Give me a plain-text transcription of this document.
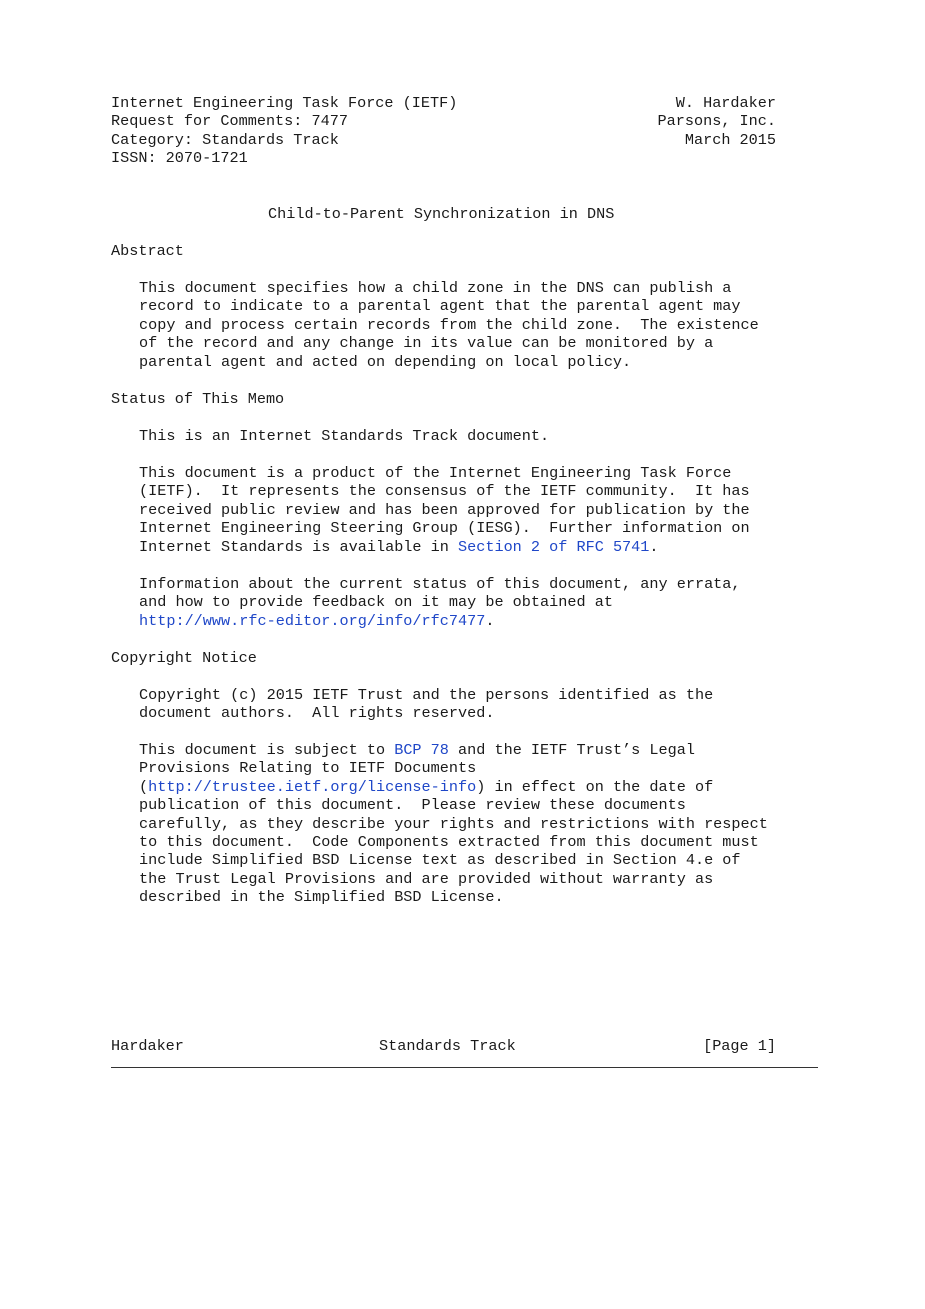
Internet Engineering Task Force (IETF)
Request for Comments: 7477
Category: Standards Track
ISSN: 2070-1721
W. Hardaker
Parsons, Inc.
March 2015
Child-to-Parent Synchronization in DNS
Abstract
This document specifies how a child zone in the DNS can publish a
record to indicate to a parental agent that the parental agent may
copy and process certain records from the child zone.  The existence
of the record and any change in its value can be monitored by a
parental agent and acted on depending on local policy.
Status of This Memo
This is an Internet Standards Track document.
This document is a product of the Internet Engineering Task Force
(IETF).  It represents the consensus of the IETF community.  It has
received public review and has been approved for publication by the
Internet Engineering Steering Group (IESG).  Further information on
Internet Standards is available in Section 2 of RFC 5741.
Information about the current status of this document, any errata,
and how to provide feedback on it may be obtained at
http://www.rfc-editor.org/info/rfc7477.
Copyright Notice
Copyright (c) 2015 IETF Trust and the persons identified as the
document authors.  All rights reserved.
This document is subject to BCP 78 and the IETF Trust’s Legal
Provisions Relating to IETF Documents
(http://trustee.ietf.org/license-info) in effect on the date of
publication of this document.  Please review these documents
carefully, as they describe your rights and restrictions with respect
to this document.  Code Components extracted from this document must
include Simplified BSD License text as described in Section 4.e of
the Trust Legal Provisions and are provided without warranty as
described in the Simplified BSD License.
Hardaker	Standards Track	[Page 1]
